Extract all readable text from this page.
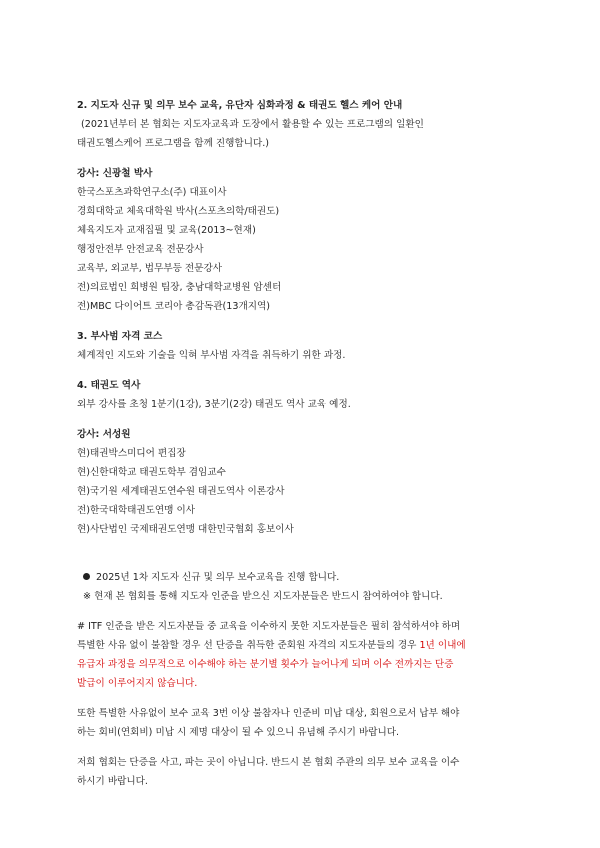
2. 지도자 신규 및 의무 보수 교육, 유단자 심화과정 & 태권도 헬스 케어 안내
(2021년부터 본 협회는 지도자교육과 도장에서 활용할 수 있는 프로그램의 일환인
태권도헬스케어 프로그램을 함께 진행합니다.)
강사: 신광철 박사
한국스포츠과학연구소(주) 대표이사
경희대학교 체육대학원 박사(스포츠의학/태권도)
체육지도자 교재집필 및 교육(2013~현재)
행정안전부 안전교육 전문강사
교육부, 외교부, 법무부등 전문강사
전)의료법인 희병원 팀장, 충남대학교병원 암센터
전)MBC 다이어트 코리아 총감독관(13개지역)
3. 부사범 자격 코스
체계적인 지도와 기술을 익혀 부사범 자격을 취득하기 위한 과정.
4. 태권도 역사
외부 강사를 초청 1분기(1강), 3분기(2강) 태권도 역사 교육 예정.
강사: 서성원
현)태권박스미디어 편집장
현)신한대학교 태권도학부 겸임교수
현)국기원 세계태권도연수원 태권도역사 이론강사
전)한국대학태권도연맹 이사
현)사단법인 국제태권도연맹 대한민국협회 홍보이사
2025년 1차 지도자 신규 및 의무 보수교육을 진행 합니다.
※ 현재 본 협회를 통해 지도자 인준을 받으신 지도자분들은 반드시 참여하여야 합니다.
# ITF 인준을 받은 지도자분들 중 교육을 이수하지 못한 지도자분들은 필히 참석하셔야 하며
특별한 사유 없이 불참할 경우 선 단증을 취득한 준회원 자격의 지도자분들의 경우 1년 이내에
유급자 과정을 의무적으로 이수해야 하는 분기별 횟수가 늘어나게 되며 이수 전까지는 단증
발급이 이루어지지 않습니다.
또한 특별한 사유없이 보수 교육 3번 이상 불참자나 인준비 미납 대상, 회원으로서 납부 해야
하는 회비(연회비) 미납 시 제명 대상이 될 수 있으니 유념해 주시기 바랍니다.
저희 협회는 단증을 사고, 파는 곳이 아닙니다. 반드시 본 협회 주관의 의무 보수 교육을 이수
하시기 바랍니다.
